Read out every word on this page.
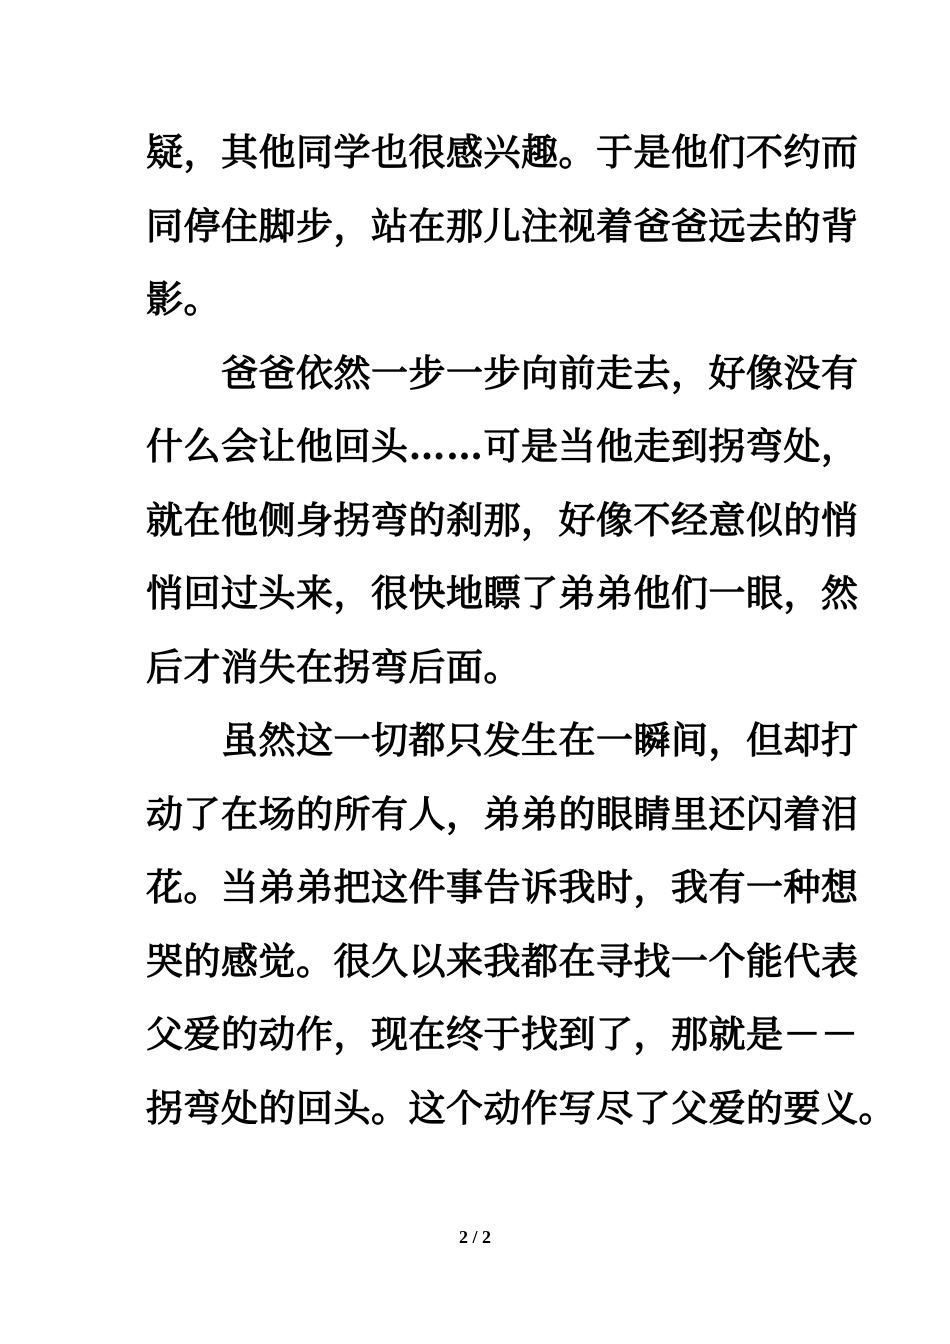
疑，其他同学也很感兴趣。于是他们不约而
同停住脚步，站在那儿注视着爸爸远去的背
影。
　　爸爸依然一步一步向前走去，好像没有
什么会让他回头……可是当他走到拐弯处，
就在他侧身拐弯的刹那，好像不经意似的悄
悄回过头来，很快地瞟了弟弟他们一眼，然
后才消失在拐弯后面。
　　虽然这一切都只发生在一瞬间，但却打
动了在场的所有人，弟弟的眼睛里还闪着泪
花。当弟弟把这件事告诉我时，我有一种想
哭的感觉。很久以来我都在寻找一个能代表
父爱的动作，现在终于找到了，那就是－－
拐弯处的回头。这个动作写尽了父爱的要义。
2 / 2
